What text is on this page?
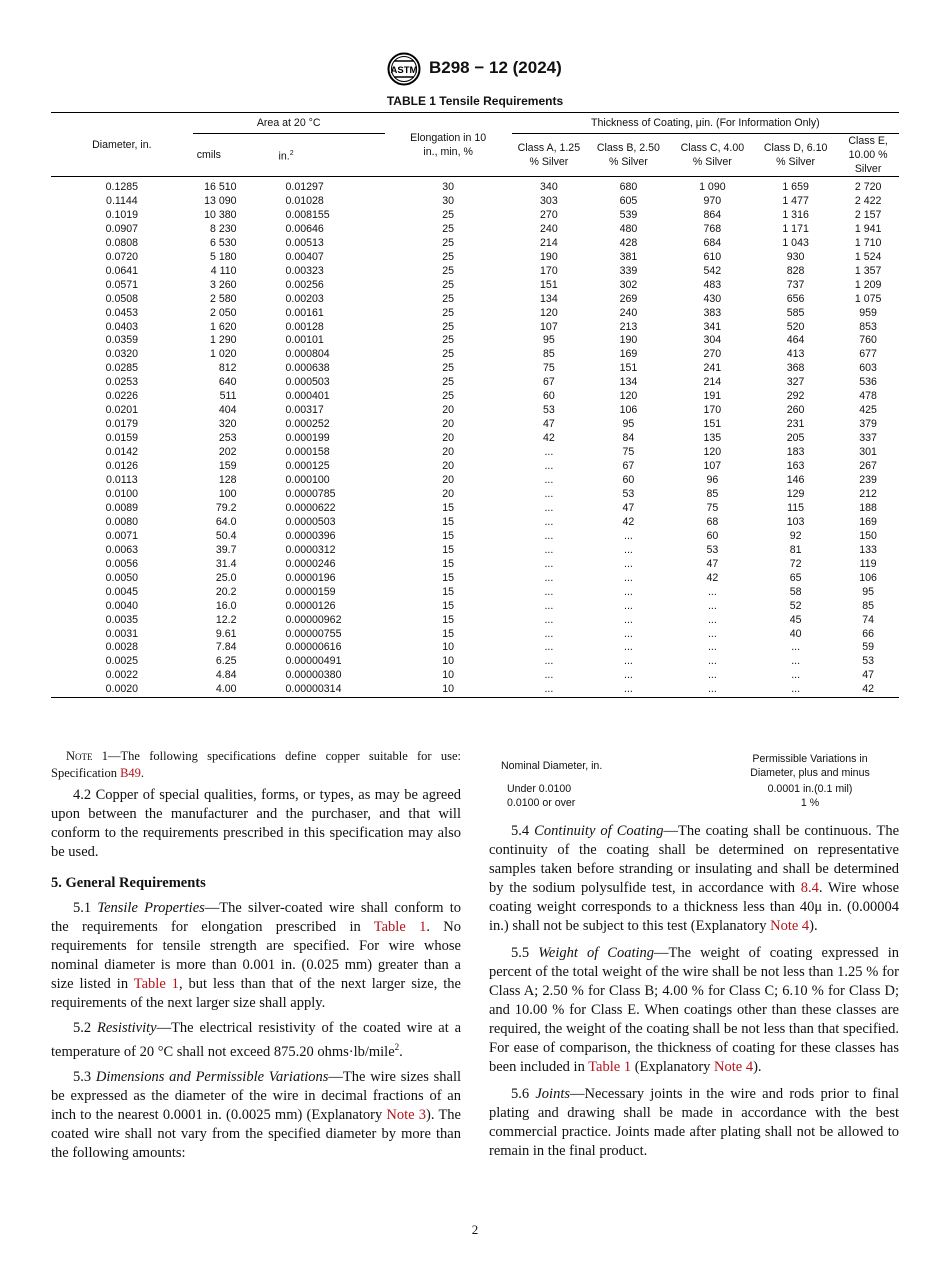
ASTM B298 − 12 (2024)
TABLE 1 Tensile Requirements
Diameter, in.	Area at 20 °C		Elongation in 10 in., min, %	Thickness of Coating, μin. (For Information Only)				
	cmils	in.$^2$		Class A, 1.25 % Silver	Class B, 2.50 % Silver	Class C, 4.00 % Silver	Class D, 6.10 % Silver	Class E, 10.00 % Silver
0.1285	16 510	0.01297	30	340	680	1 090	1 659	2 720
0.1144	13 090	0.01028	30	303	605	970	1 477	2 422
0.1019	10 380	0.008155	25	270	539	864	1 316	2 157
0.0907	8 230	0.00646	25	240	480	768	1 171	1 941
0.0808	6 530	0.00513	25	214	428	684	1 043	1 710
0.0720	5 180	0.00407	25	190	381	610	930	1 524
0.0641	4 110	0.00323	25	170	339	542	828	1 357
0.0571	3 260	0.00256	25	151	302	483	737	1 209
0.0508	2 580	0.00203	25	134	269	430	656	1 075
0.0453	2 050	0.00161	25	120	240	383	585	959
0.0403	1 620	0.00128	25	107	213	341	520	853
0.0359	1 290	0.00101	25	95	190	304	464	760
0.0320	1 020	0.000804	25	85	169	270	413	677
0.0285	812	0.000638	25	75	151	241	368	603
0.0253	640	0.000503	25	67	134	214	327	536
0.0226	511	0.000401	25	60	120	191	292	478
0.0201	404	0.00317	20	53	106	170	260	425
0.0179	320	0.000252	20	47	95	151	231	379
0.0159	253	0.000199	20	42	84	135	205	337
0.0142	202	0.000158	20	...	75	120	183	301
0.0126	159	0.000125	20	...	67	107	163	267
0.0113	128	0.000100	20	...	60	96	146	239
0.0100	100	0.0000785	20	...	53	85	129	212
0.0089	79.2	0.0000622	15	...	47	75	115	188
0.0080	64.0	0.0000503	15	...	42	68	103	169
0.0071	50.4	0.0000396	15	...	...	60	92	150
0.0063	39.7	0.0000312	15	...	...	53	81	133
0.0056	31.4	0.0000246	15	...	...	47	72	119
0.0050	25.0	0.0000196	15	...	...	42	65	106
0.0045	20.2	0.0000159	15	...	...	...	58	95
0.0040	16.0	0.0000126	15	...	...	...	52	85
0.0035	12.2	0.00000962	15	...	...	...	45	74
0.0031	9.61	0.00000755	15	...	...	...	40	66
0.0028	7.84	0.00000616	10	...	...	...	...	59
0.0025	6.25	0.00000491	10	...	...	...	...	53
0.0022	4.84	0.00000380	10	...	...	...	...	47
0.0020	4.00	0.00000314	10	...	...	...	...	42

Note 1—The following specifications define copper suitable for use: Specification B49.

4.2 Copper of special qualities, forms, or types, as may be agreed upon between the manufacturer and the purchaser, and that will conform to the requirements prescribed in this specification may also be used.

5. General Requirements

5.1 Tensile Properties—The silver-coated wire shall conform to the requirements for elongation prescribed in Table 1. No requirements for tensile strength are specified. For wire whose nominal diameter is more than 0.001 in. (0.025 mm) greater than a size listed in Table 1, but less than that of the next larger size, the requirements of the next larger size shall apply.

5.2 Resistivity—The electrical resistivity of the coated wire at a temperature of 20 °C shall not exceed 875.20 ohms·lb/mile$^2$.

5.3 Dimensions and Permissible Variations—The wire sizes shall be expressed as the diameter of the wire in decimal fractions of an inch to the nearest 0.0001 in. (0.0025 mm) (Explanatory Note 3). The coated wire shall not vary from the specified diameter by more than the following amounts:

Nominal Diameter, in.	Permissible Variations in Diameter, plus and minus
Under 0.0100	0.0001 in.(0.1 mil)
0.0100 or over	1 %

5.4 Continuity of Coating—The coating shall be continuous. The continuity of the coating shall be determined on representative samples taken before stranding or insulating and shall be determined by the sodium polysulfide test, in accordance with 8.4. Wire whose coating weight corresponds to a thickness less than 40μ in. (0.00004 in.) shall not be subject to this test (Explanatory Note 4).

5.5 Weight of Coating—The weight of coating expressed in percent of the total weight of the wire shall be not less than 1.25 % for Class A; 2.50 % for Class B; 4.00 % for Class C; 6.10 % for Class D; and 10.00 % for Class E. When coatings other than these classes are required, the weight of the coating shall be not less than that specified. For ease of comparison, the thickness of coating for these classes has been included in Table 1 (Explanatory Note 4).

5.6 Joints—Necessary joints in the wire and rods prior to final plating and drawing shall be made in accordance with the best commercial practice. Joints made after plating shall not be allowed to remain in the final product.

2
